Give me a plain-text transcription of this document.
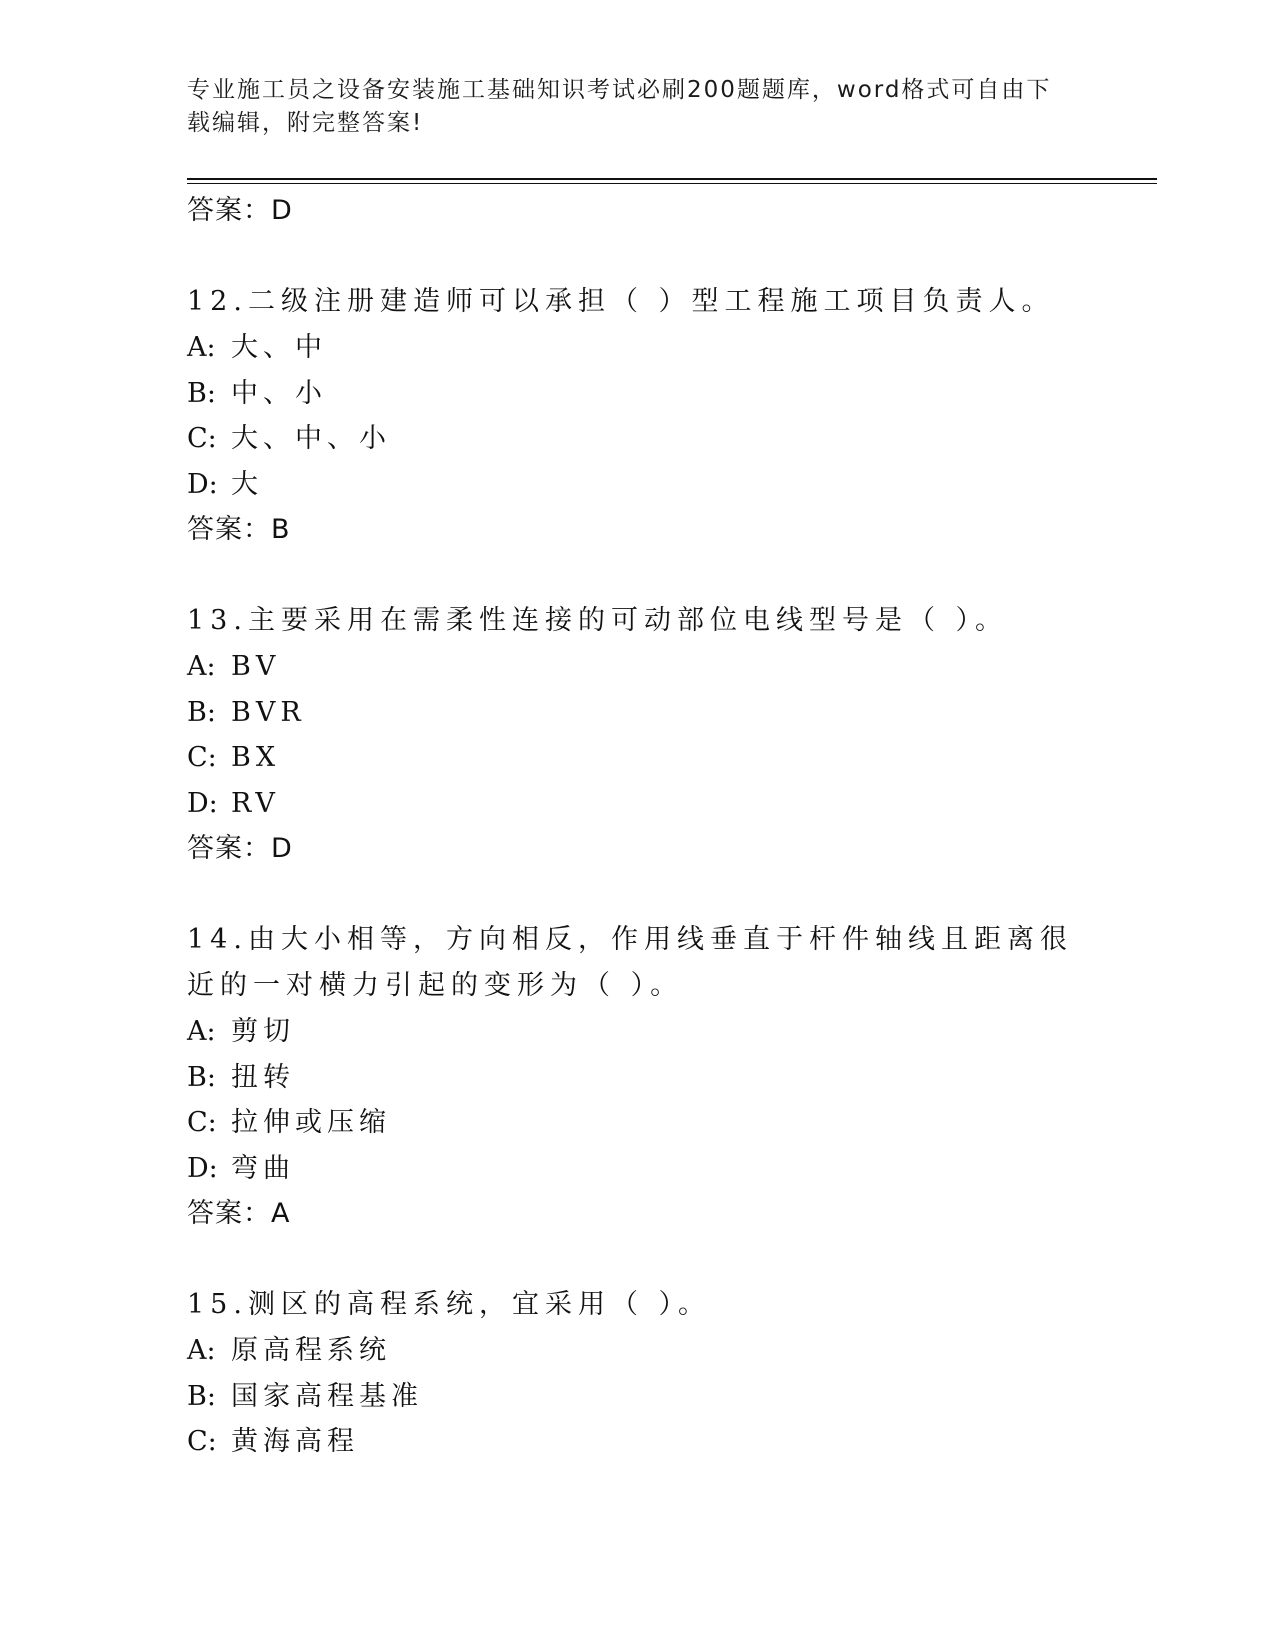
专业施工员之设备安装施工基础知识考试必刷200题题库，word格式可自由下载编辑，附完整答案!
答案：D
12.二级注册建造师可以承担（ ）型工程施工项目负责人。
A: 大、中
B: 中、小
C: 大、中、小
D: 大
答案：B
13.主要采用在需柔性连接的可动部位电线型号是（ ）。
A: BV
B: BVR
C: BX
D: RV
答案：D
14.由大小相等，方向相反，作用线垂直于杆件轴线且距离很近的一对横力引起的变形为（ ）。
A: 剪切
B: 扭转
C: 拉伸或压缩
D: 弯曲
答案：A
15.测区的高程系统，宜采用（ ）。
A: 原高程系统
B: 国家高程基准
C: 黄海高程
